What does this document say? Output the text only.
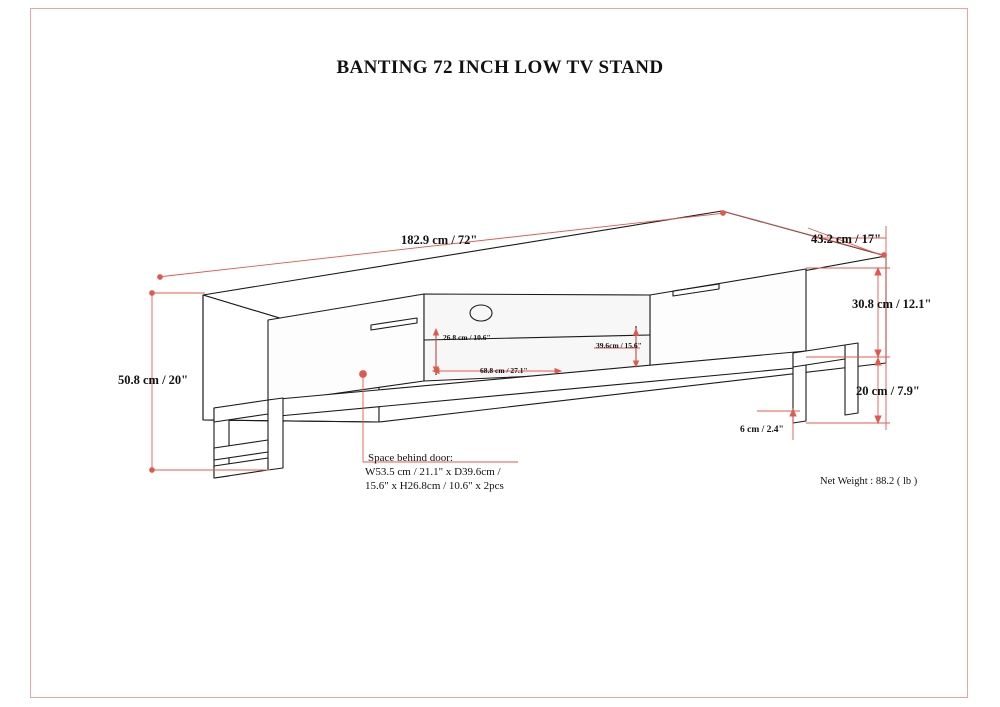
BANTING 72 INCH LOW TV STAND
182.9 cm / 72"	43.2 cm / 17"
50.8 cm / 20"
30.8 cm / 12.1"
20 cm / 7.9"
6 cm / 2.4"
26.8 cm / 10.6"
68.8 cm / 27.1"
39.6cm / 15.6"
Space behind door:
W53.5 cm / 21.1" x D39.6cm /
15.6" x H26.8cm / 10.6" x 2pcs	Net Weight : 88.2 ( lb )
